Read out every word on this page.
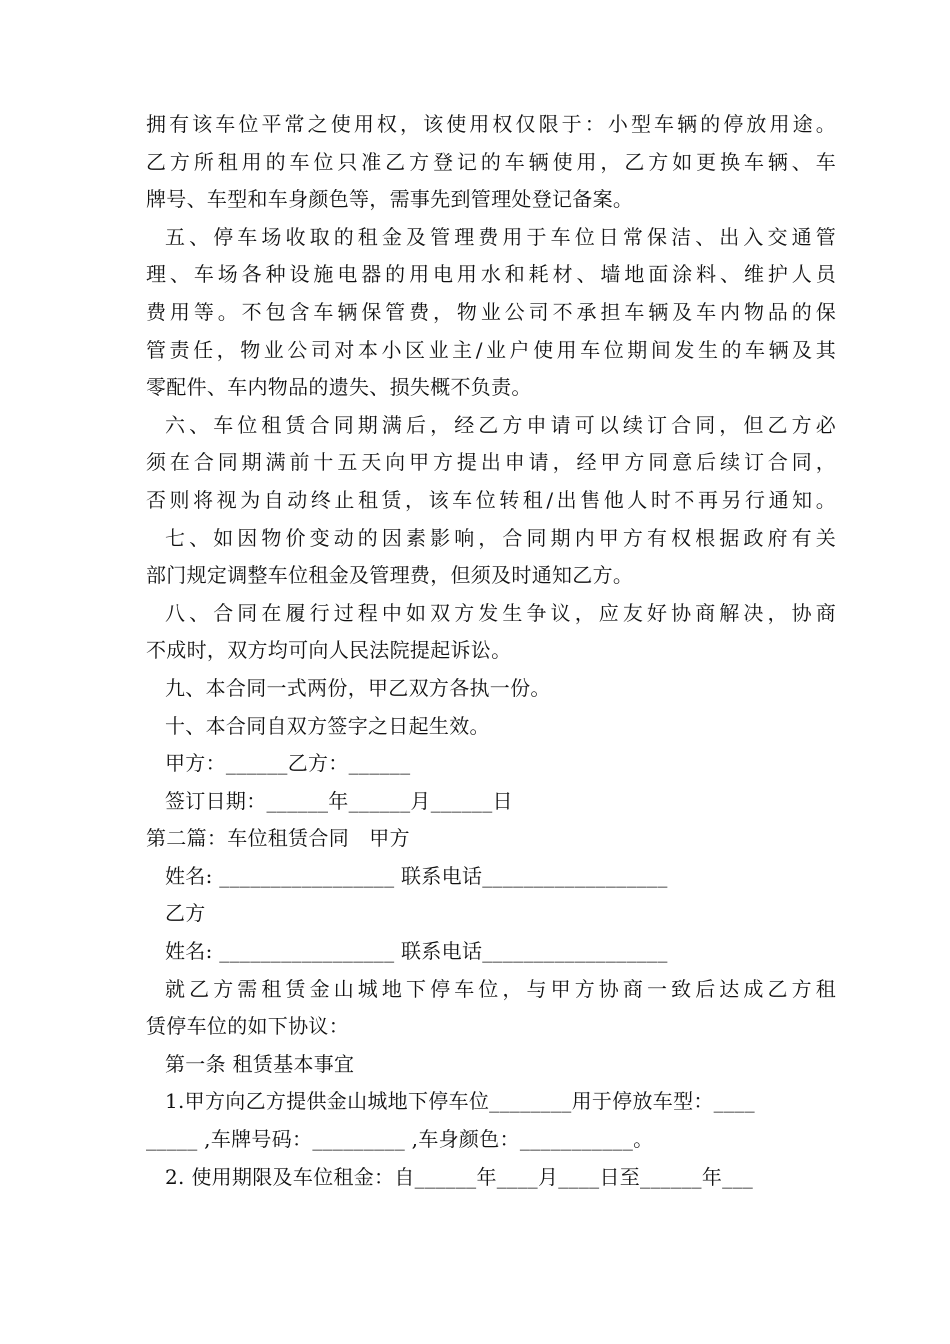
拥有该车位平常之使用权，该使用权仅限于：小型车辆的停放用途。
乙方所租用的车位只准乙方登记的车辆使用，乙方如更换车辆、车
牌号、车型和车身颜色等，需事先到管理处登记备案。
五、停车场收取的租金及管理费用于车位日常保洁、出入交通管
理、车场各种设施电器的用电用水和耗材、墙地面涂料、维护人员
费用等。不包含车辆保管费，物业公司不承担车辆及车内物品的保
管责任，物业公司对本小区业主/业户使用车位期间发生的车辆及其
零配件、车内物品的遗失、损失概不负责。
六、车位租赁合同期满后，经乙方申请可以续订合同，但乙方必
须在合同期满前十五天向甲方提出申请，经甲方同意后续订合同，
否则将视为自动终止租赁，该车位转租/出售他人时不再另行通知。
七、如因物价变动的因素影响，合同期内甲方有权根据政府有关
部门规定调整车位租金及管理费，但须及时通知乙方。
八、合同在履行过程中如双方发生争议，应友好协商解决，协商
不成时，双方均可向人民法院提起诉讼。
九、本合同一式两份，甲乙双方各执一份。
十、本合同自双方签字之日起生效。
甲方：______乙方：______
签订日期：______年______月______日
第二篇：车位租赁合同　甲方
姓名: _________________ 联系电话__________________
乙方
姓名: _________________ 联系电话__________________
就乙方需租赁金山城地下停车位，与甲方协商一致后达成乙方租
赁停车位的如下协议：
第一条 租赁基本事宜
1.甲方向乙方提供金山城地下停车位________用于停放车型：____
_____ ,车牌号码：_________ ,车身颜色：___________。
2. 使用期限及车位租金：自______年____月____日至______年___
